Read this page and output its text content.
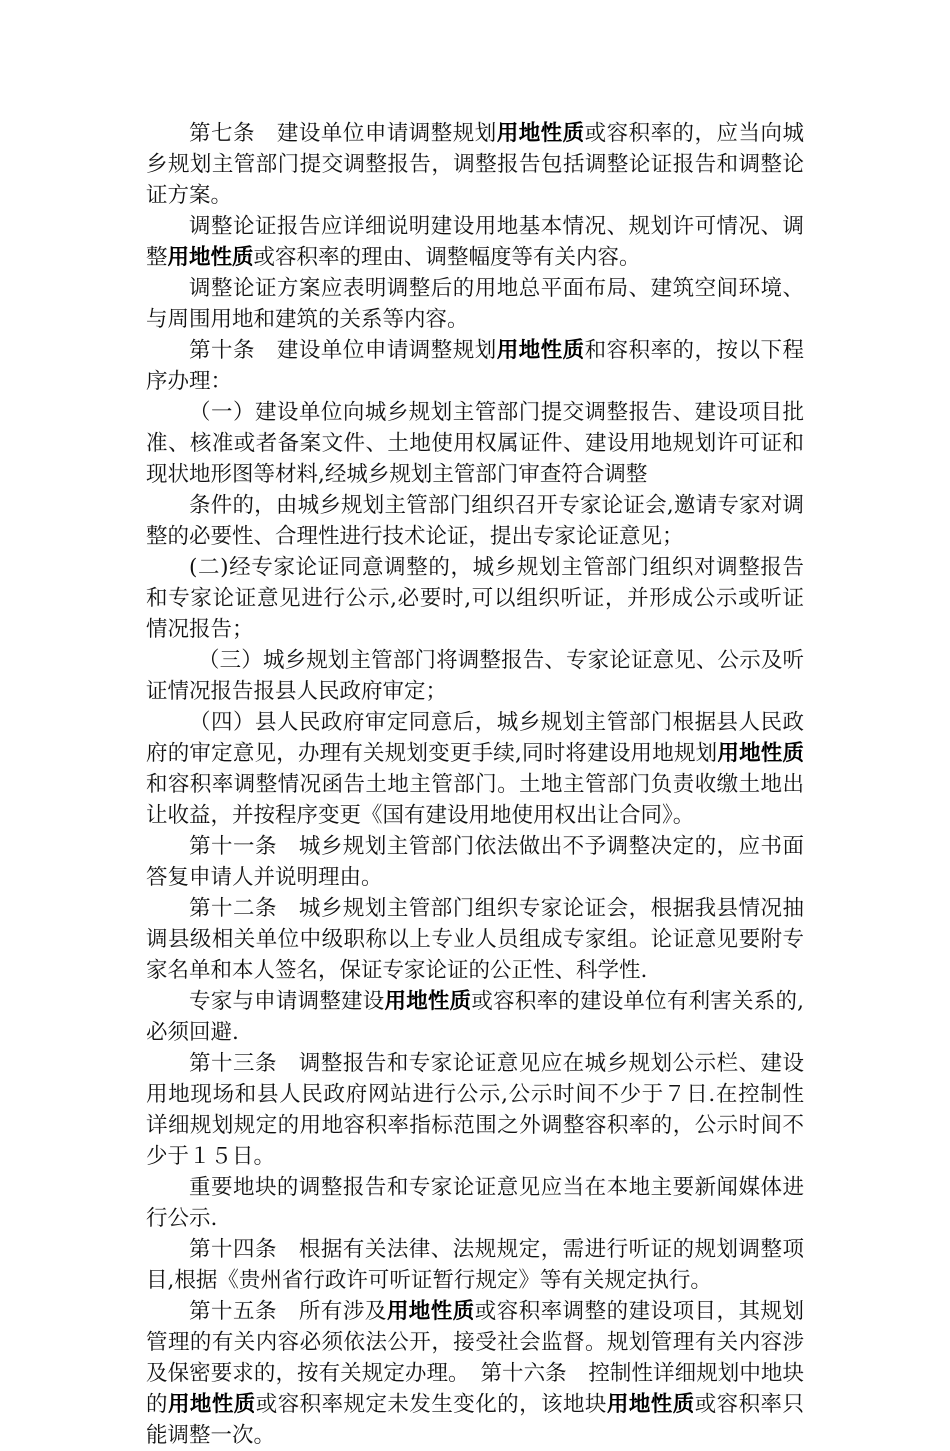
第七条　建设单位申请调整规划用地性质或容积率的，应当向城乡规划主管部门提交调整报告，调整报告包括调整论证报告和调整论证方案。

调整论证报告应详细说明建设用地基本情况、规划许可情况、调整用地性质或容积率的理由、调整幅度等有关内容。

调整论证方案应表明调整后的用地总平面布局、建筑空间环境、与周围用地和建筑的关系等内容。

第十条　建设单位申请调整规划用地性质和容积率的，按以下程序办理：

（一）建设单位向城乡规划主管部门提交调整报告、建设项目批准、核准或者备案文件、土地使用权属证件、建设用地规划许可证和现状地形图等材料,经城乡规划主管部门审查符合调整

条件的，由城乡规划主管部门组织召开专家论证会,邀请专家对调整的必要性、合理性进行技术论证，提出专家论证意见；

(二)经专家论证同意调整的，城乡规划主管部门组织对调整报告和专家论证意见进行公示,必要时,可以组织听证，并形成公示或听证情况报告；

（三）城乡规划主管部门将调整报告、专家论证意见、公示及听证情况报告报县人民政府审定；

（四）县人民政府审定同意后，城乡规划主管部门根据县人民政府的审定意见，办理有关规划变更手续,同时将建设用地规划用地性质和容积率调整情况函告土地主管部门。土地主管部门负责收缴土地出让收益，并按程序变更《国有建设用地使用权出让合同》。

第十一条　城乡规划主管部门依法做出不予调整决定的，应书面答复申请人并说明理由。

第十二条　城乡规划主管部门组织专家论证会，根据我县情况抽调县级相关单位中级职称以上专业人员组成专家组。论证意见要附专家名单和本人签名，保证专家论证的公正性、科学性.

专家与申请调整建设用地性质或容积率的建设单位有利害关系的,必须回避.

第十三条　调整报告和专家论证意见应在城乡规划公示栏、建设用地现场和县人民政府网站进行公示,公示时间不少于７日.在控制性详细规划规定的用地容积率指标范围之外调整容积率的，公示时间不少于１５日。

重要地块的调整报告和专家论证意见应当在本地主要新闻媒体进行公示.

第十四条　根据有关法律、法规规定，需进行听证的规划调整项目,根据《贵州省行政许可听证暂行规定》等有关规定执行。

第十五条　所有涉及用地性质或容积率调整的建设项目，其规划管理的有关内容必须依法公开，接受社会监督。规划管理有关内容涉及保密要求的，按有关规定办理。　第十六条　控制性详细规划中地块的用地性质或容积率规定未发生变化的，该地块用地性质或容积率只能调整一次。
